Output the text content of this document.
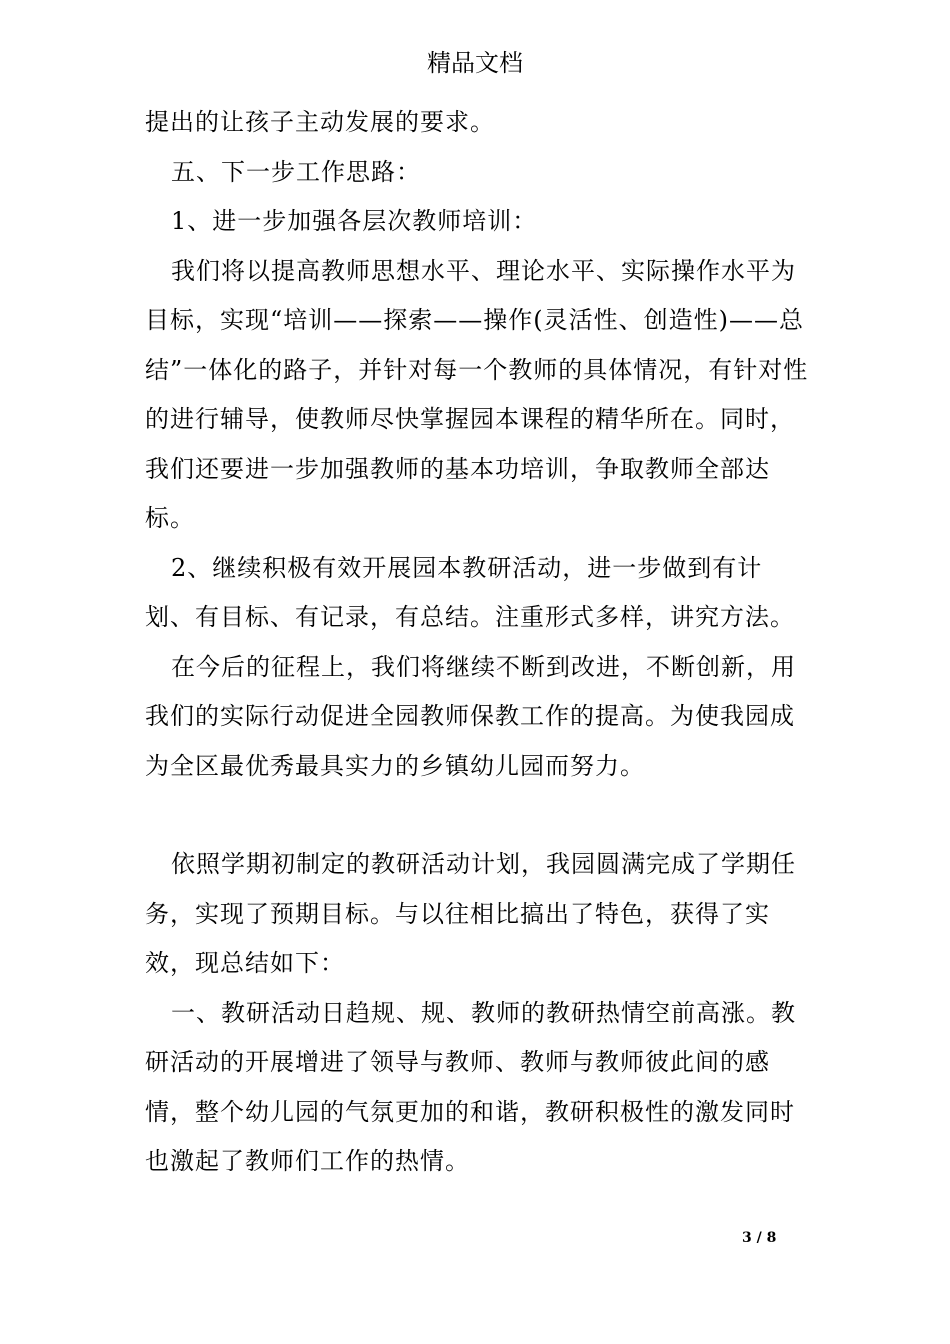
精品文档

提出的让孩子主动发展的要求。

五、下一步工作思路：

1、进一步加强各层次教师培训：

我们将以提高教师思想水平、理论水平、实际操作水平为目标，实现“培训——探索——操作(灵活性、创造性)——总结”一体化的路子，并针对每一个教师的具体情况，有针对性的进行辅导，使教师尽快掌握园本课程的精华所在。同时，我们还要进一步加强教师的基本功培训，争取教师全部达标。

2、继续积极有效开展园本教研活动，进一步做到有计划、有目标、有记录，有总结。注重形式多样，讲究方法。

在今后的征程上，我们将继续不断到改进，不断创新，用我们的实际行动促进全园教师保教工作的提高。为使我园成为全区最优秀最具实力的乡镇幼儿园而努力。

依照学期初制定的教研活动计划，我园圆满完成了学期任务，实现了预期目标。与以往相比搞出了特色，获得了实效，现总结如下：

一、教研活动日趋规、规、教师的教研热情空前高涨。教研活动的开展增进了领导与教师、教师与教师彼此间的感情，整个幼儿园的气氛更加的和谐，教研积极性的激发同时也激起了教师们工作的热情。

3 / 8
